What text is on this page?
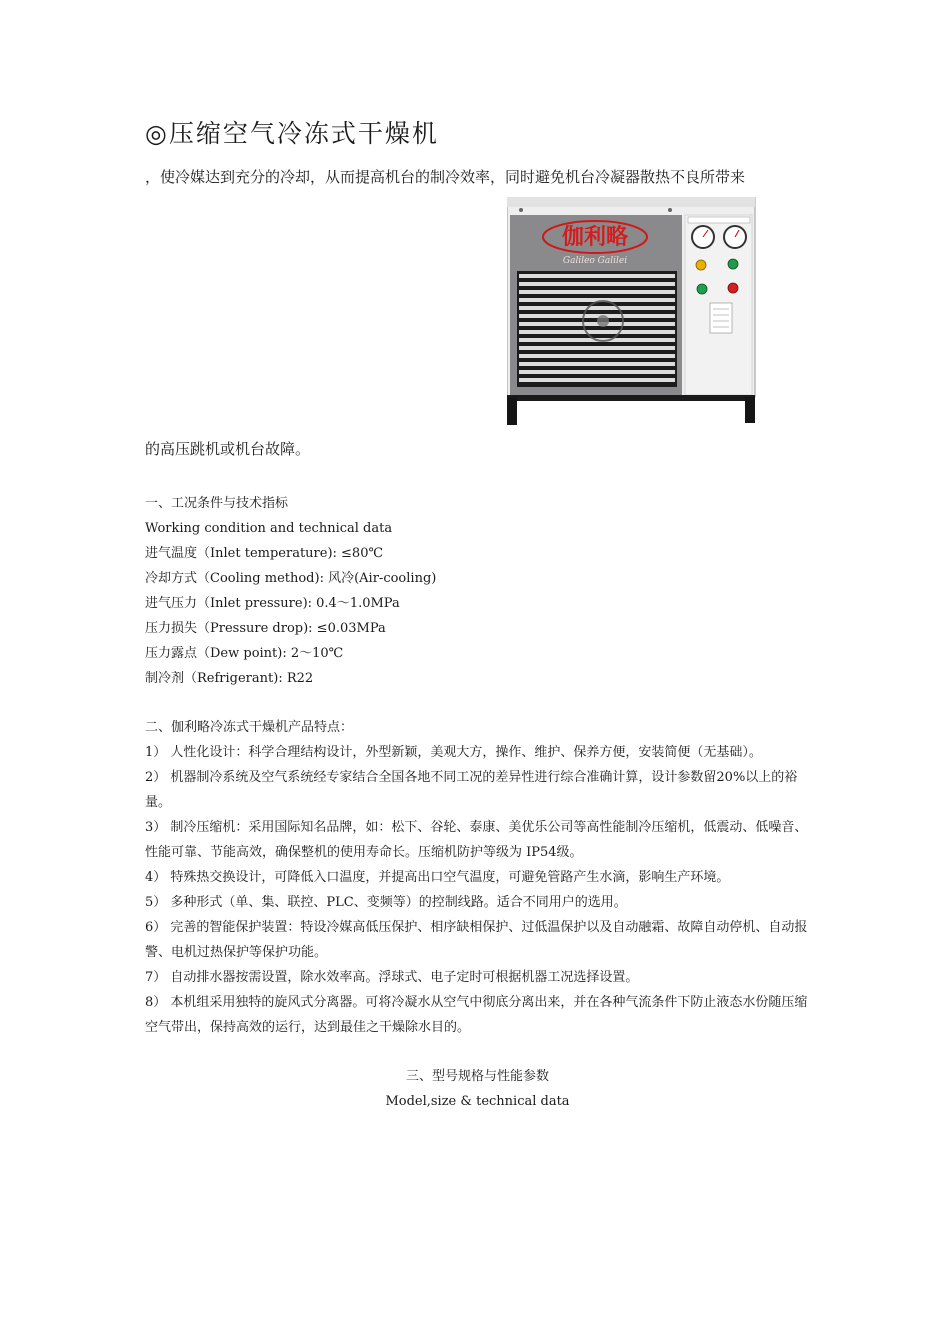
◎压缩空气冷冻式干燥机
，使冷媒达到充分的冷却，从而提高机台的制冷效率，同时避免机台冷凝器散热不良所带来
伽利略
Galileo Galilei
的高压跳机或机台故障。
一、工况条件与技术指标
Working condition and technical data
进气温度（Inlet temperature): ≤80℃
冷却方式（Cooling method): 风冷(Air-cooling)
进气压力（Inlet pressure): 0.4～1.0MPa
压力损失（Pressure drop): ≤0.03MPa
压力露点（Dew point): 2～10℃
制冷剂（Refrigerant): R22
二、伽利略冷冻式干燥机产品特点：
1） 人性化设计：科学合理结构设计，外型新颖，美观大方，操作、维护、保养方便，安装简便（无基础）。
2） 机器制冷系统及空气系统经专家结合全国各地不同工况的差异性进行综合准确计算，设计参数留20%以上的裕量。
3） 制冷压缩机：采用国际知名品牌，如：松下、谷轮、泰康、美优乐公司等高性能制冷压缩机，低震动、低噪音、性能可靠、节能高效，确保整机的使用寿命长。压缩机防护等级为 IP54级。
4） 特殊热交换设计，可降低入口温度，并提高出口空气温度，可避免管路产生水滴，影响生产环境。
5） 多种形式（单、集、联控、PLC、变频等）的控制线路。适合不同用户的选用。
6） 完善的智能保护装置：特设冷媒高低压保护、相序缺相保护、过低温保护以及自动融霜、故障自动停机、自动报警、电机过热保护等保护功能。
7） 自动排水器按需设置，除水效率高。浮球式、电子定时可根据机器工况选择设置。
8） 本机组采用独特的旋风式分离器。可将冷凝水从空气中彻底分离出来，并在各种气流条件下防止液态水份随压缩空气带出，保持高效的运行，达到最佳之干燥除水目的。
三、型号规格与性能参数
Model,size & technical data
